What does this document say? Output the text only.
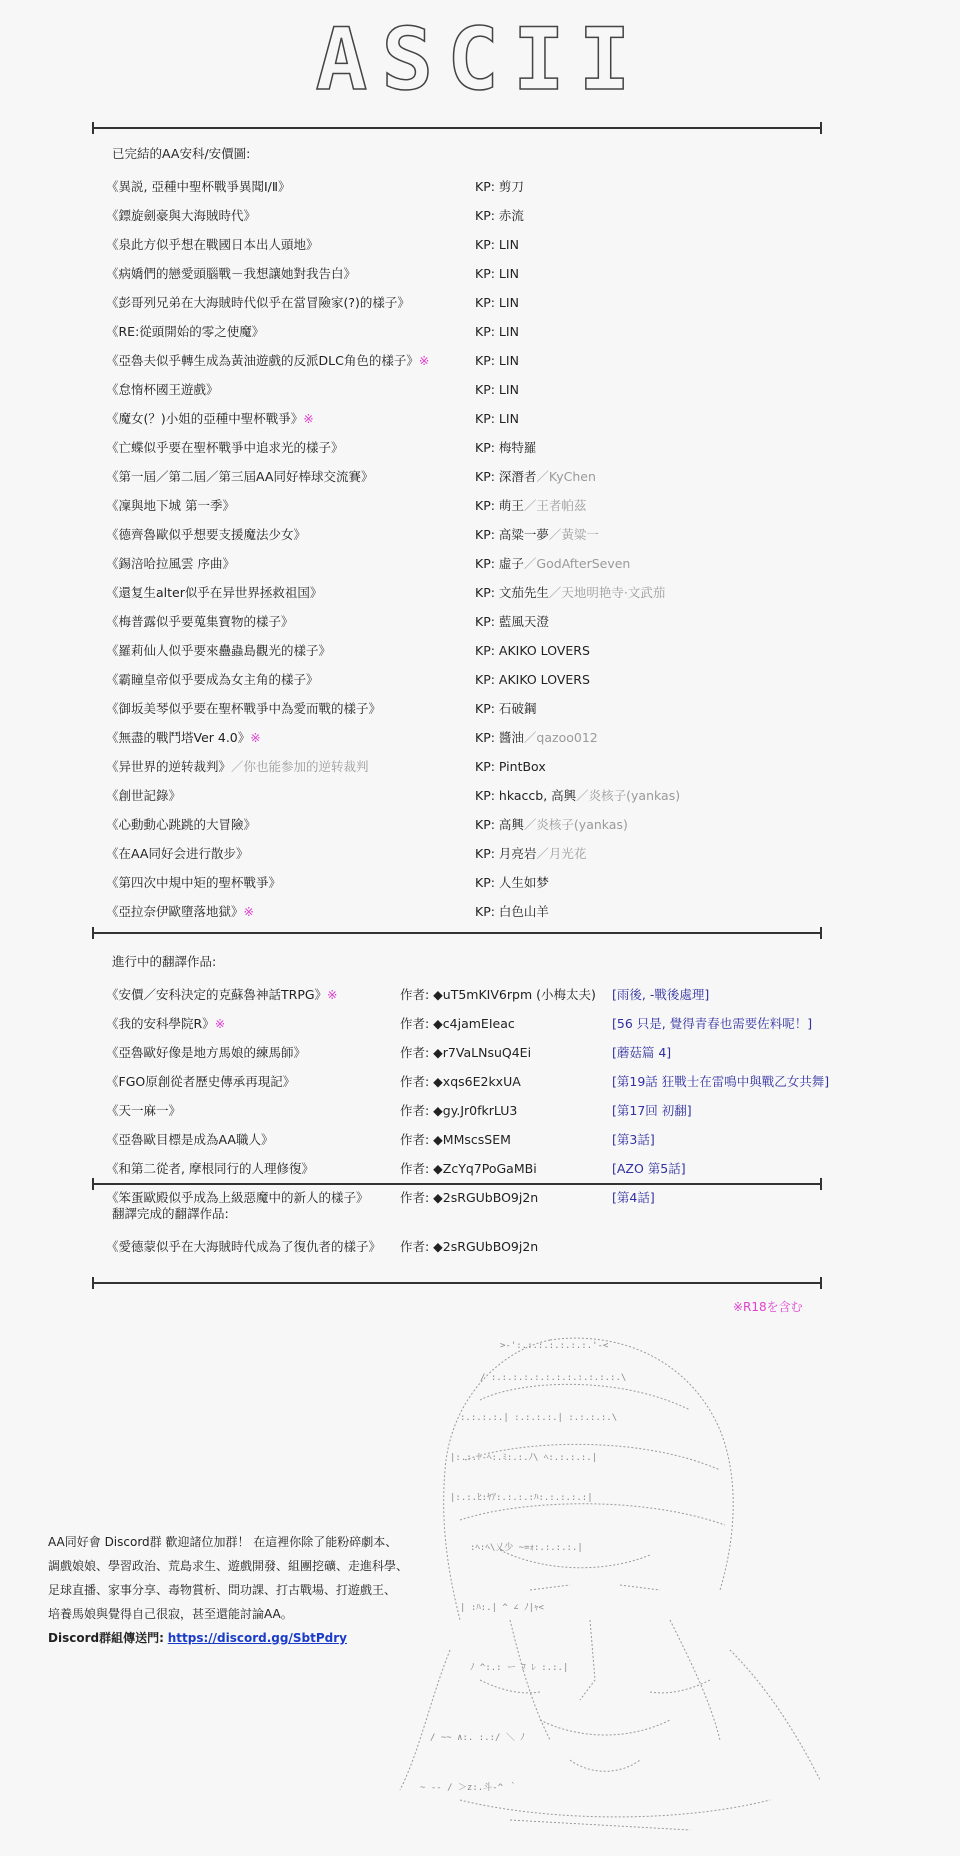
ASCII
已完結的AA安科/安價圖:
《異説, 亞種中聖杯戰爭異聞Ⅰ/Ⅱ》	KP: 剪刀
《鏢旋劍豪與大海賊時代》	KP: 赤流
《泉此方似乎想在戰國日本出人頭地》	KP: LIN
《病嬌們的戀愛頭腦戰－我想讓她對我告白》	KP: LIN
《彭哥列兄弟在大海賊時代似乎在當冒險家(?)的樣子》	KP: LIN
《RE:從頭開始的零之使魔》	KP: LIN
《亞魯夫似乎轉生成為黃油遊戲的反派DLC角色的樣子》※	KP: LIN
《怠惰杯國王遊戲》	KP: LIN
《魔女(？)小姐的亞種中聖杯戰爭》※	KP: LIN
《亡蝶似乎要在聖杯戰爭中追求光的樣子》	KP: 梅特羅
《第一屆／第二屆／第三屆AA同好棒球交流賽》	KP: 深潛者／KyChen
《凜與地下城 第一季》	KP: 萌王／王者帕茲
《德齊魯歐似乎想要支援魔法少女》	KP: 高粱一夢／黃粱一
《錫涪哈拉風雲 序曲》	KP: 虛子／GodAfterSeven
《還复生alter似乎在异世界拯救祖国》	KP: 文茄先生／天地明艳寺·文武茄
《梅普露似乎要蒐集寶物的樣子》	KP: 藍風天澄
《羅莉仙人似乎要來蠱蟲島觀光的樣子》	KP: AKIKO LOVERS
《霸瞳皇帝似乎要成為女主角的樣子》	KP: AKIKO LOVERS
《御坂美琴似乎要在聖杯戰爭中為愛而戰的樣子》	KP: 石破鋼
《無盡的戰鬥塔Ver 4.0》※	KP: 醬油／qazoo012
《异世界的逆转裁判》／你也能参加的逆转裁判	KP: PintBox
《創世記錄》	KP: hkaccb, 高興／炎核子(yankas)
《心動動心跳跳的大冒險》	KP: 高興／炎核子(yankas)
《在AA同好会进行散步》	KP: 月亮岩／月光花
《第四次中規中矩的聖杯戰爭》	KP: 人生如梦
《亞拉奈伊歐墮落地獄》※	KP: 白色山羊
進行中的翻譯作品:
《安價／安科決定的克蘇魯神話TRPG》※	作者: ◆uT5mKIV6rpm (小梅太夫) [雨後, ‐戰後處理]
《我的安科學院R》※	作者: ◆c4jamEIeac	[56 只是, 覺得青春也需要佐料呢！]
《亞魯歐好像是地方馬娘的練馬師》	作者: ◆r7VaLNsuQ4Ei	[蘑菇篇 4]
《FGO原創從者歷史傳承再現記》	作者: ◆xqs6E2kxUA	[第19話 狂戰士在雷鳴中與戰乙女共舞]
《天一麻一》	作者: ◆gy.Jr0fkrLU3	[第17回 初翻]
《亞魯歐目標是成為AA職人》	作者: ◆MMscsSEM	[第3話]
《和第二從者, 摩根同行的人理修復》	作者: ◆ZcYq7PoGaMBi	[AZO 第5話]
《笨蛋歐殿似乎成為上級惡魔中的新人的樣子》	作者: ◆2sRGUbBO9j2n	[第4話]
翻譯完成的翻譯作品:
《愛德蒙似乎在大海賊時代成為了復仇者的樣子》 作者: ◆2sRGUbBO9j2n
※R18を含む
>-':.:.:.:.:.:.:.'-<
/ :.:.:.:.:.:.:.:.:.:.:.:.\
:.:.:.:.| :.:.:.:.| :.:.:.:.\
|:.:.ﾄ-ﾍ:.ﾐ:.:.ﾉ\ ﾍ:.:.:.:.|
|:.:.ﾋ:ﾔｱ:.:.:.:ﾊ:.:.:.:.:|
:ﾍ:ﾍ\乂少 ~=ｫ:.:.:.:.|
| :ﾊ:.| ^ ∠ ﾉ|ｬ<
ﾉ ^:.: ー ﾌ ﾚ :.:.|
/ ~~ ∧:. :.:/ ＼ ﾉ
~ -- / ＞z:.斗-^ ｀
AA同好會 Discord群 歡迎諸位加群！ 在這裡你除了能粉碎劇本、
調戲娘娘、學習政治、荒島求生、遊戲開發、組團挖礦、走進科學、
足球直播、家事分享、毒物賞析、問功課、打古戰場、打遊戲王、
培養馬娘與覺得自己很寂，甚至還能討論AA。
Discord群組傳送門: https://discord.gg/SbtPdry
